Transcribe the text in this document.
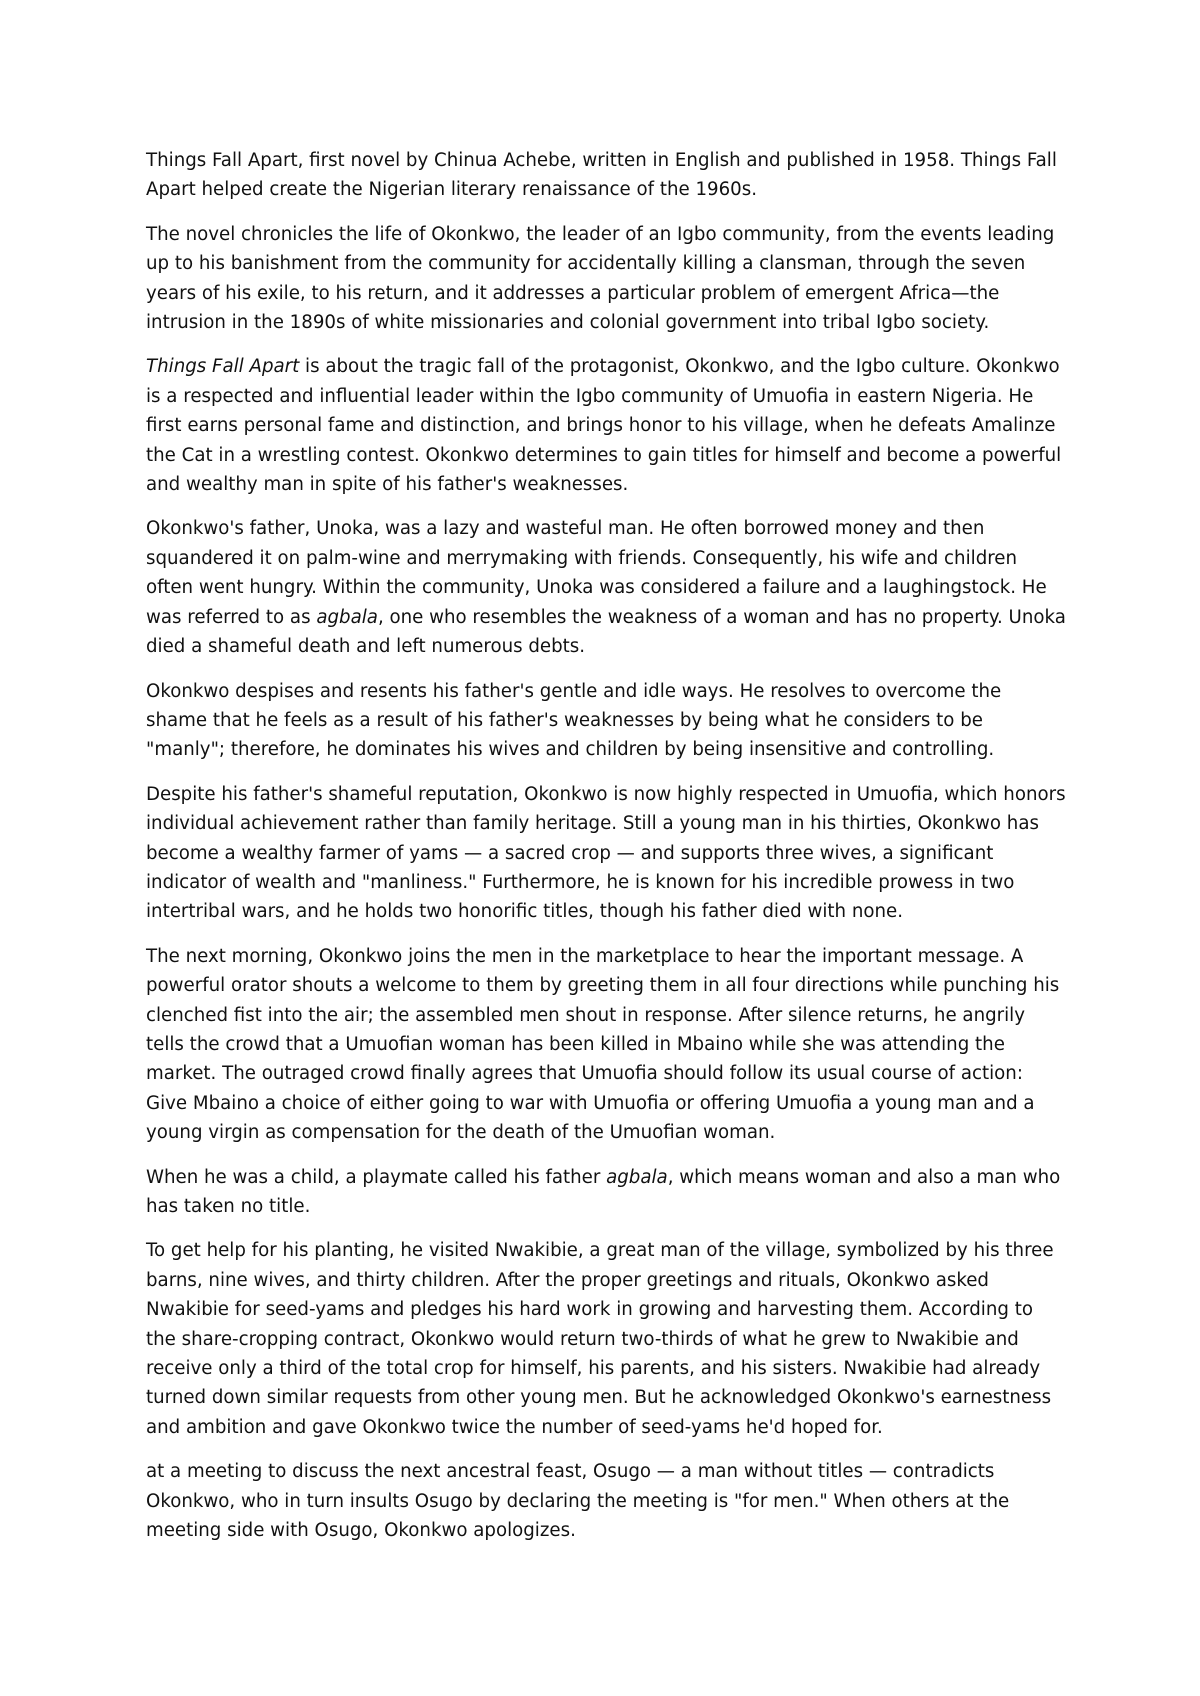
Things Fall Apart, first novel by Chinua Achebe, written in English and published in 1958. Things Fall Apart helped create the Nigerian literary renaissance of the 1960s.

The novel chronicles the life of Okonkwo, the leader of an Igbo community, from the events leading up to his banishment from the community for accidentally killing a clansman, through the seven years of his exile, to his return, and it addresses a particular problem of emergent Africa—the intrusion in the 1890s of white missionaries and colonial government into tribal Igbo society.

Things Fall Apart is about the tragic fall of the protagonist, Okonkwo, and the Igbo culture. Okonkwo is a respected and influential leader within the Igbo community of Umuofia in eastern Nigeria. He first earns personal fame and distinction, and brings honor to his village, when he defeats Amalinze the Cat in a wrestling contest. Okonkwo determines to gain titles for himself and become a powerful and wealthy man in spite of his father's weaknesses.

Okonkwo's father, Unoka, was a lazy and wasteful man. He often borrowed money and then squandered it on palm-wine and merrymaking with friends. Consequently, his wife and children often went hungry. Within the community, Unoka was considered a failure and a laughingstock. He was referred to as agbala, one who resembles the weakness of a woman and has no property. Unoka died a shameful death and left numerous debts.

Okonkwo despises and resents his father's gentle and idle ways. He resolves to overcome the shame that he feels as a result of his father's weaknesses by being what he considers to be "manly"; therefore, he dominates his wives and children by being insensitive and controlling.

Despite his father's shameful reputation, Okonkwo is now highly respected in Umuofia, which honors individual achievement rather than family heritage. Still a young man in his thirties, Okonkwo has become a wealthy farmer of yams — a sacred crop — and supports three wives, a significant indicator of wealth and "manliness." Furthermore, he is known for his incredible prowess in two intertribal wars, and he holds two honorific titles, though his father died with none.

The next morning, Okonkwo joins the men in the marketplace to hear the important message. A powerful orator shouts a welcome to them by greeting them in all four directions while punching his clenched fist into the air; the assembled men shout in response. After silence returns, he angrily tells the crowd that a Umuofian woman has been killed in Mbaino while she was attending the market. The outraged crowd finally agrees that Umuofia should follow its usual course of action: Give Mbaino a choice of either going to war with Umuofia or offering Umuofia a young man and a young virgin as compensation for the death of the Umuofian woman.

When he was a child, a playmate called his father agbala, which means woman and also a man who has taken no title.

To get help for his planting, he visited Nwakibie, a great man of the village, symbolized by his three barns, nine wives, and thirty children. After the proper greetings and rituals, Okonkwo asked Nwakibie for seed-yams and pledges his hard work in growing and harvesting them. According to the share-cropping contract, Okonkwo would return two-thirds of what he grew to Nwakibie and receive only a third of the total crop for himself, his parents, and his sisters. Nwakibie had already turned down similar requests from other young men. But he acknowledged Okonkwo's earnestness and ambition and gave Okonkwo twice the number of seed-yams he'd hoped for.

at a meeting to discuss the next ancestral feast, Osugo — a man without titles — contradicts Okonkwo, who in turn insults Osugo by declaring the meeting is "for men." When others at the meeting side with Osugo, Okonkwo apologizes.
